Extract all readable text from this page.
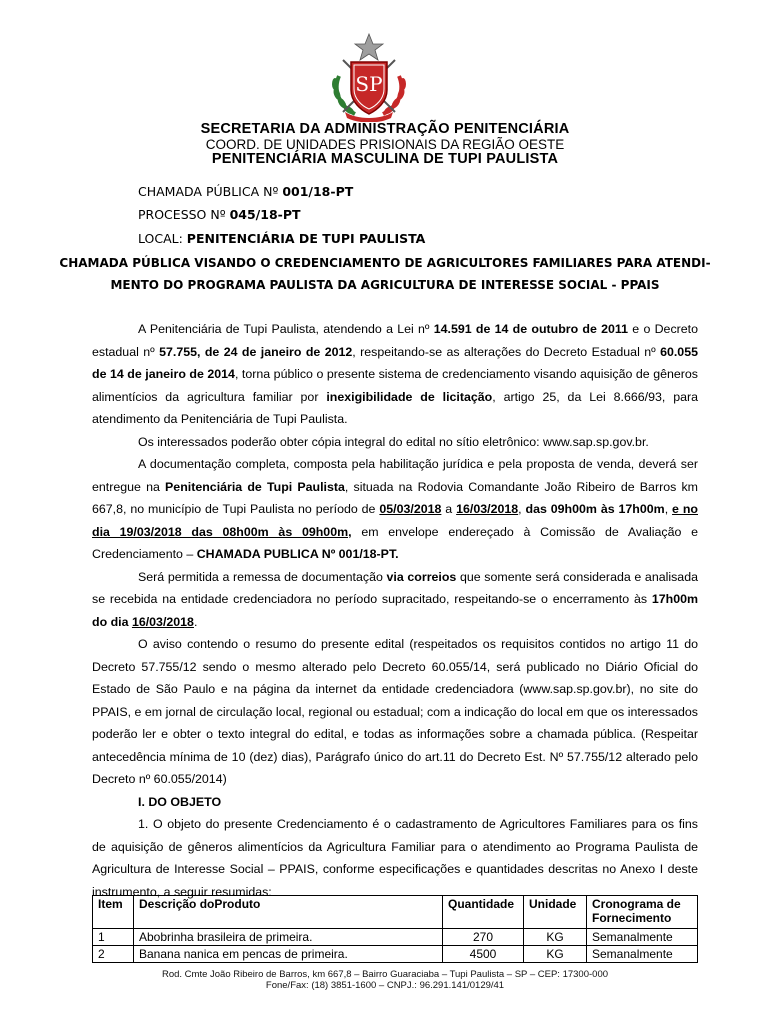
SP
SECRETARIA DA ADMINISTRAÇÃO PENITENCIÁRIA
COORD. DE UNIDADES PRISIONAIS DA REGIÃO OESTE
PENITENCIÁRIA MASCULINA DE TUPI PAULISTA
CHAMADA PÚBLICA Nº 001/18-PT
PROCESSO Nº 045/18-PT
LOCAL: PENITENCIÁRIA DE TUPI PAULISTA
CHAMADA PÚBLICA VISANDO O CREDENCIAMENTO DE AGRICULTORES FAMILIARES PARA ATENDI-
MENTO DO PROGRAMA PAULISTA DA AGRICULTURA DE INTERESSE SOCIAL - PPAIS

A Penitenciária de Tupi Paulista, atendendo a Lei nº 14.591 de 14 de outubro de 2011 e o Decreto estadual nº 57.755, de 24 de janeiro de 2012, respeitando-se as alterações do Decreto Estadual nº 60.055 de 14 de janeiro de 2014, torna público o presente sistema de credenciamento visando aquisição de gêneros alimentícios da agricultura familiar por inexigibilidade de licitação, artigo 25, da Lei 8.666/93, para atendimento da Penitenciária de Tupi Paulista.

Os interessados poderão obter cópia integral do edital no sítio eletrônico: www.sap.sp.gov.br.

A documentação completa, composta pela habilitação jurídica e pela proposta de venda, deverá ser entregue na Penitenciária de Tupi Paulista, situada na Rodovia Comandante João Ribeiro de Barros km 667,8, no município de Tupi Paulista no período de 05/03/2018 a 16/03/2018, das 09h00m às 17h00m, e no dia 19/03/2018 das 08h00m às 09h00m, em envelope endereçado à Comissão de Avaliação e Credenciamento – CHAMADA PUBLICA Nº 001/18-PT.

Será permitida a remessa de documentação via correios que somente será considerada e analisada se recebida na entidade credenciadora no período supracitado, respeitando-se o encerramento às 17h00m do dia 16/03/2018.

O aviso contendo o resumo do presente edital (respeitados os requisitos contidos no artigo 11 do Decreto 57.755/12 sendo o mesmo alterado pelo Decreto 60.055/14, será publicado no Diário Oficial do Estado de São Paulo e na página da internet da entidade credenciadora (www.sap.sp.gov.br), no site do PPAIS, e em jornal de circulação local, regional ou estadual; com a indicação do local em que os interessados poderão ler e obter o texto integral do edital, e todas as informações sobre a chamada pública. (Respeitar antecedência mínima de 10 (dez) dias), Parágrafo único do art.11 do Decreto Est. Nº 57.755/12 alterado pelo Decreto nº 60.055/2014)

I. DO OBJETO

1. O objeto do presente Credenciamento é o cadastramento de Agricultores Familiares para os fins de aquisição de gêneros alimentícios da Agricultura Familiar para o atendimento ao Programa Paulista de Agricultura de Interesse Social – PPAIS, conforme especificações e quantidades descritas no Anexo I deste instrumento, a seguir resumidas:

Item	Descrição doProduto	Quantidade	Unidade	Cronograma de Fornecimento
1	Abobrinha brasileira de primeira.	270	KG	Semanalmente
2	Banana nanica em pencas de primeira.	4500	KG	Semanalmente
Rod. Cmte João Ribeiro de Barros, km 667,8 – Bairro Guaraciaba – Tupi Paulista – SP – CEP: 17300-000
Fone/Fax: (18) 3851-1600 – CNPJ.: 96.291.141/0129/41
